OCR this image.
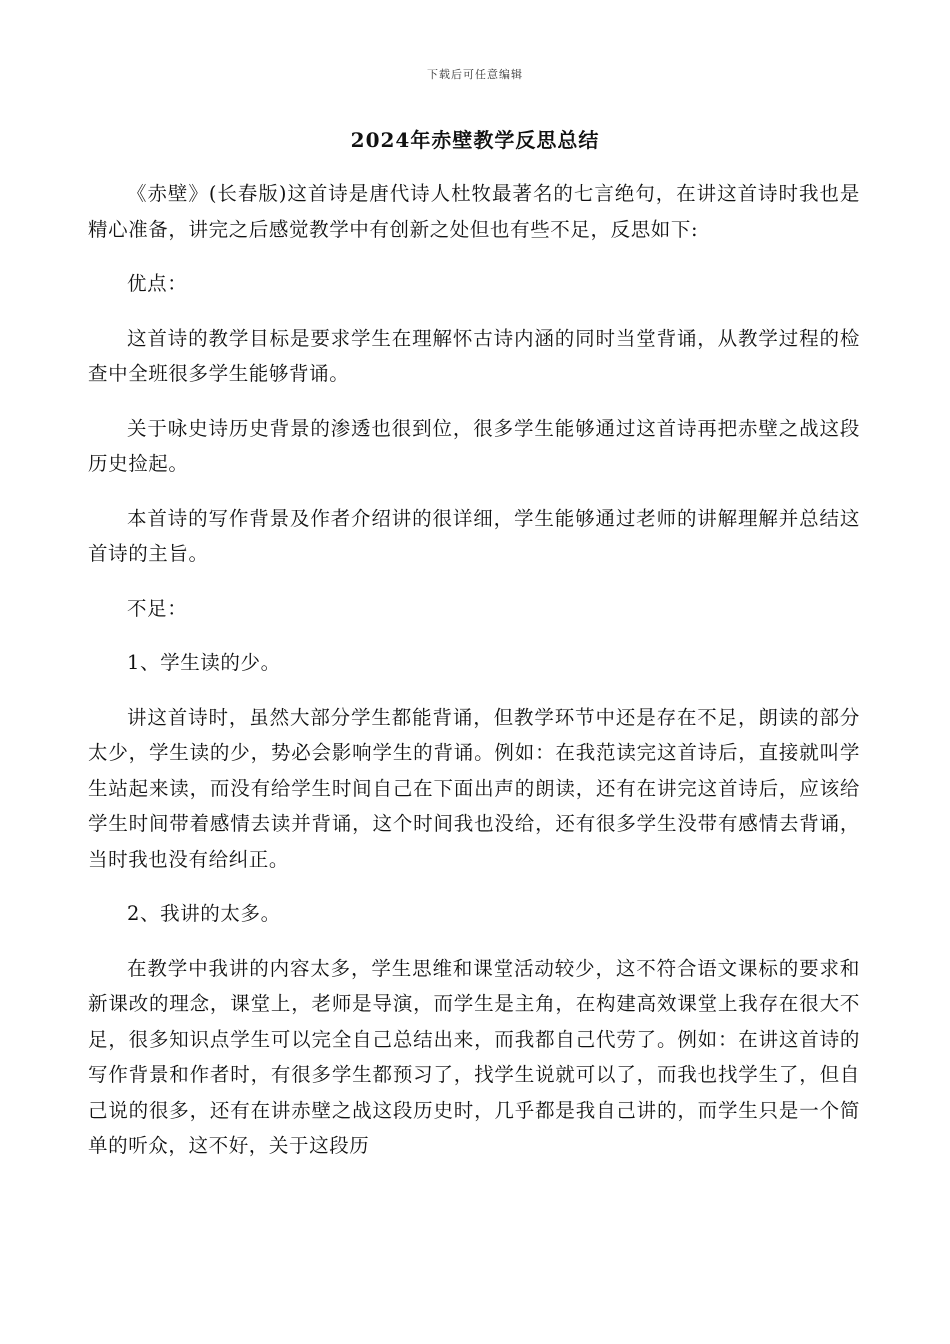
下载后可任意编辑
2024年赤壁教学反思总结

《赤壁》(长春版)这首诗是唐代诗人杜牧最著名的七言绝句，在讲这首诗时我也是精心准备，讲完之后感觉教学中有创新之处但也有些不足，反思如下:

优点：

这首诗的教学目标是要求学生在理解怀古诗内涵的同时当堂背诵，从教学过程的检查中全班很多学生能够背诵。

关于咏史诗历史背景的渗透也很到位，很多学生能够通过这首诗再把赤壁之战这段历史捡起。

本首诗的写作背景及作者介绍讲的很详细，学生能够通过老师的讲解理解并总结这首诗的主旨。

不足：

1、学生读的少。

讲这首诗时，虽然大部分学生都能背诵，但教学环节中还是存在不足，朗读的部分太少，学生读的少，势必会影响学生的背诵。例如：在我范读完这首诗后，直接就叫学生站起来读，而没有给学生时间自己在下面出声的朗读，还有在讲完这首诗后，应该给学生时间带着感情去读并背诵，这个时间我也没给，还有很多学生没带有感情去背诵，当时我也没有给纠正。

2、我讲的太多。

在教学中我讲的内容太多，学生思维和课堂活动较少，这不符合语文课标的要求和新课改的理念，课堂上，老师是导演，而学生是主角，在构建高效课堂上我存在很大不足，很多知识点学生可以完全自己总结出来，而我都自己代劳了。例如：在讲这首诗的写作背景和作者时，有很多学生都预习了，找学生说就可以了，而我也找学生了，但自己说的很多，还有在讲赤壁之战这段历史时，几乎都是我自己讲的，而学生只是一个简单的听众，这不好，关于这段历
